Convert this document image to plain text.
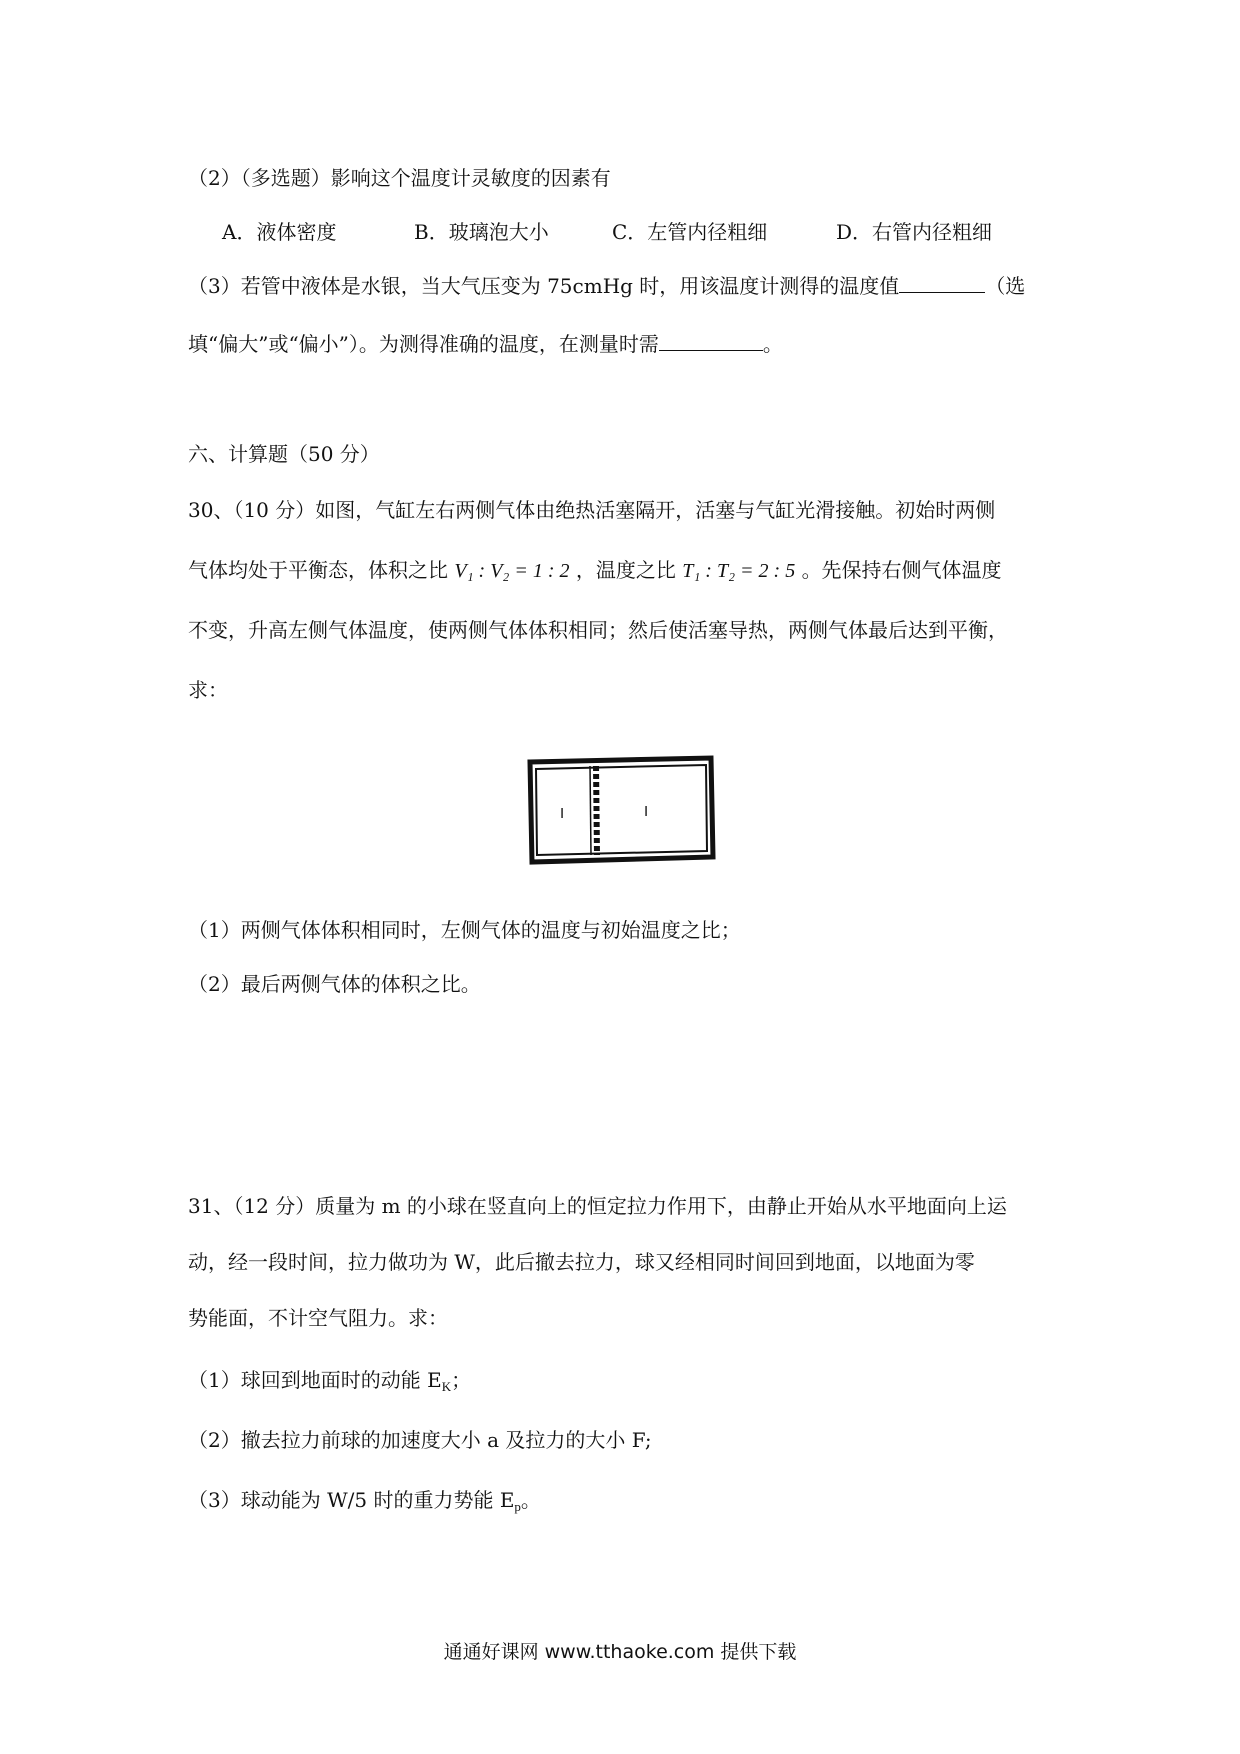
（2）（多选题）影响这个温度计灵敏度的因素有
A．液体密度	B．玻璃泡大小	C．左管内径粗细	D．右管内径粗细
（3）若管中液体是水银，当大气压变为 75cmHg 时，用该温度计测得的温度值	（选
填“偏大”或“偏小”）。为测得准确的温度，在测量时需	。
六、计算题（50 分）
30、（10 分）如图，气缸左右两侧气体由绝热活塞隔开，活塞与气缸光滑接触。初始时两侧
气体均处于平衡态，体积之比 V₁ : V₂ = 1 : 2 ，温度之比 T₁ : T₂ = 2 : 5 。先保持右侧气体温度
不变，升高左侧气体温度，使两侧气体体积相同；然后使活塞导热，两侧气体最后达到平衡，
求：
Ⅰ	Ⅰ
（1）两侧气体体积相同时，左侧气体的温度与初始温度之比；
（2）最后两侧气体的体积之比。
31、（12 分）质量为 m 的小球在竖直向上的恒定拉力作用下，由静止开始从水平地面向上运
动，经一段时间，拉力做功为 W，此后撤去拉力，球又经相同时间回到地面，以地面为零
势能面，不计空气阻力。求：
（1）球回到地面时的动能 $E_K$；
（2）撤去拉力前球的加速度大小 a 及拉力的大小 F;
（3）球动能为 W/5 时的重力势能 $E_p$。
通通好课网 www.tthaoke.com 提供下载
